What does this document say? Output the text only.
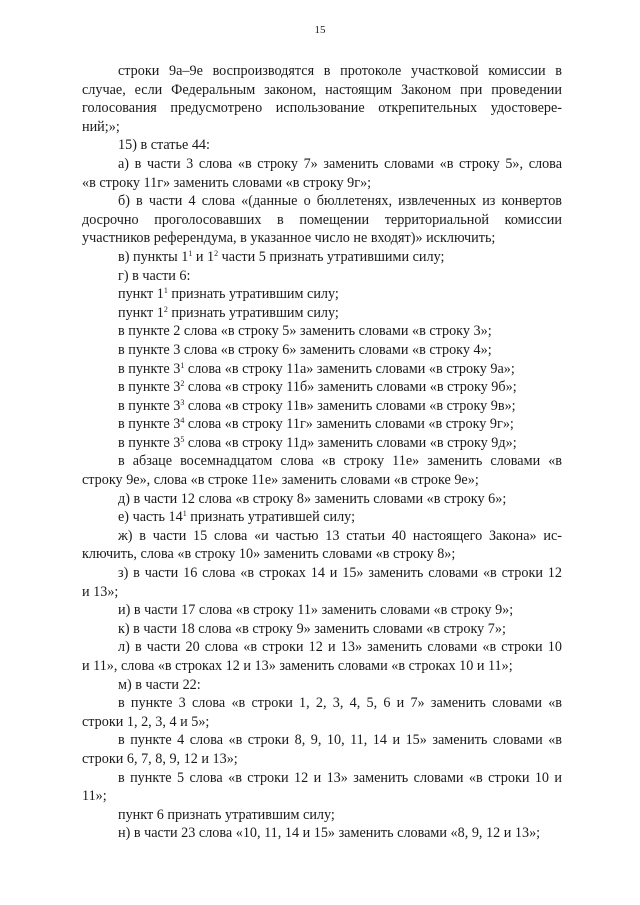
15
строки 9а–9е воспроизводятся в протоколе участковой комиссии в
случае, если Федеральным законом, настоящим Законом при проведении
голосования предусмотрено использование открепительных удостовере-
ний;»;
15) в статье 44:
а) в части 3 слова «в строку 7» заменить словами «в строку 5», слова
«в строку 11г» заменить словами «в строку 9г»;
б) в части 4 слова «(данные о бюллетенях, извлеченных из конвертов
досрочно проголосовавших в помещении территориальной комиссии
участников референдума, в указанное число не входят)» исключить;
в) пункты $1^1$ и $1^2$ части 5 признать утратившими силу;
г) в части 6:
пункт $1^1$ признать утратившим силу;
пункт $1^2$ признать утратившим силу;
в пункте 2 слова «в строку 5» заменить словами «в строку 3»;
в пункте 3 слова «в строку 6» заменить словами «в строку 4»;
в пункте $3^1$ слова «в строку 11а» заменить словами «в строку 9а»;
в пункте $3^2$ слова «в строку 11б» заменить словами «в строку 9б»;
в пункте $3^3$ слова «в строку 11в» заменить словами «в строку 9в»;
в пункте $3^4$ слова «в строку 11г» заменить словами «в строку 9г»;
в пункте $3^5$ слова «в строку 11д» заменить словами «в строку 9д»;
в абзаце восемнадцатом слова «в строку 11е» заменить словами «в
строку 9е», слова «в строке 11е» заменить словами «в строке 9е»;
д) в части 12 слова «в строку 8» заменить словами «в строку 6»;
е) часть $14^1$ признать утратившей силу;
ж) в части 15 слова «и частью 13 статьи 40 настоящего Закона» ис-
ключить, слова «в строку 10» заменить словами «в строку 8»;
з) в части 16 слова «в строках 14 и 15» заменить словами «в строки 12
и 13»;
и) в части 17 слова «в строку 11» заменить словами «в строку 9»;
к) в части 18 слова «в строку 9» заменить словами «в строку 7»;
л) в части 20 слова «в строки 12 и 13» заменить словами «в строки 10
и 11», слова «в строках 12 и 13» заменить словами «в строках 10 и 11»;
м) в части 22:
в пункте 3 слова «в строки 1, 2, 3, 4, 5, 6 и 7» заменить словами «в
строки 1, 2, 3, 4 и 5»;
в пункте 4 слова «в строки 8, 9, 10, 11, 14 и 15» заменить словами «в
строки 6, 7, 8, 9, 12 и 13»;
в пункте 5 слова «в строки 12 и 13» заменить словами «в строки 10 и
11»;
пункт 6 признать утратившим силу;
н) в части 23 слова «10, 11, 14 и 15» заменить словами «8, 9, 12 и 13»;
